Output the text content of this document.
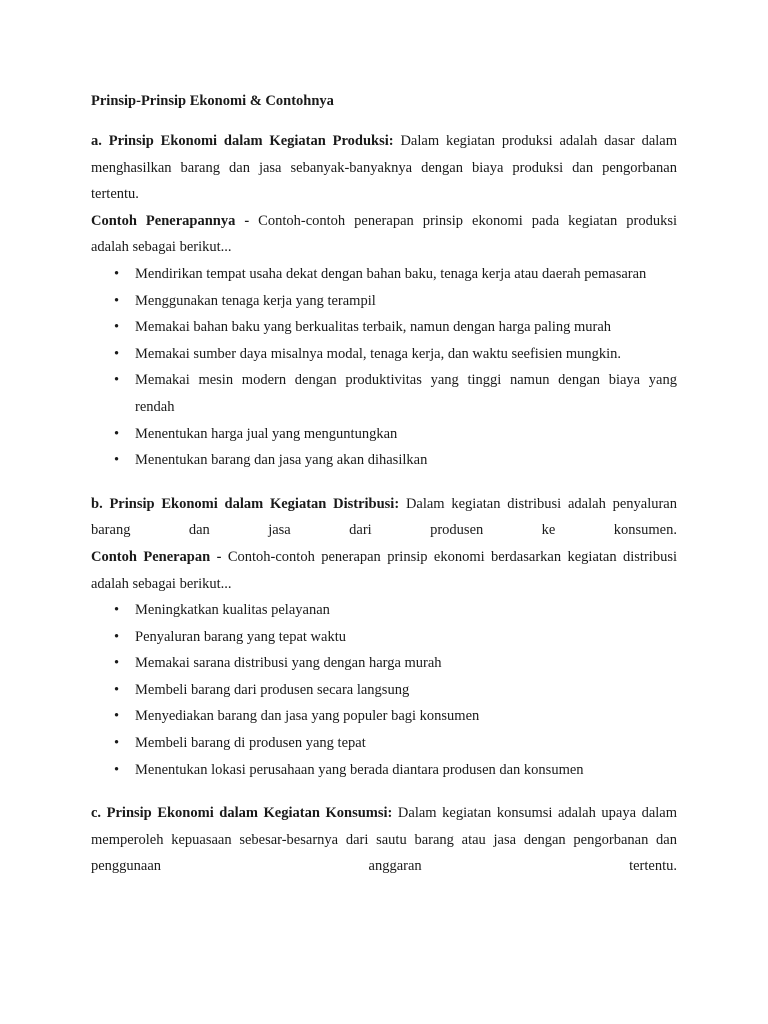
Prinsip-Prinsip Ekonomi & Contohnya

a. Prinsip Ekonomi dalam Kegiatan Produksi: Dalam kegiatan produksi adalah dasar dalam

menghasilkan barang dan jasa sebanyak-banyaknya dengan biaya produksi dan pengorbanan

tertentu.

Contoh Penerapannya - Contoh-contoh penerapan prinsip ekonomi pada kegiatan produksi

adalah sebagai berikut...

• Mendirikan tempat usaha dekat dengan bahan baku, tenaga kerja atau daerah pemasaran
• Menggunakan tenaga kerja yang terampil
• Memakai bahan baku yang berkualitas terbaik, namun dengan harga paling murah
• Memakai sumber daya misalnya modal, tenaga kerja, dan waktu seefisien mungkin.
• Memakai mesin modern dengan produktivitas yang tinggi namun dengan biaya yang
rendah
• Menentukan harga jual yang menguntungkan
• Menentukan barang dan jasa yang akan dihasilkan

b. Prinsip Ekonomi dalam Kegiatan Distribusi: Dalam kegiatan distribusi adalah penyaluran

barang dan jasa dari produsen ke konsumen.

Contoh Penerapan - Contoh-contoh penerapan prinsip ekonomi berdasarkan kegiatan distribusi

adalah sebagai berikut...

• Meningkatkan kualitas pelayanan
• Penyaluran barang yang tepat waktu
• Memakai sarana distribusi yang dengan harga murah
• Membeli barang dari produsen secara langsung
• Menyediakan barang dan jasa yang populer bagi konsumen
• Membeli barang di produsen yang tepat
• Menentukan lokasi perusahaan yang berada diantara produsen dan konsumen

c. Prinsip Ekonomi dalam Kegiatan Konsumsi: Dalam kegiatan konsumsi adalah upaya dalam

memperoleh kepuasaan sebesar-besarnya dari sautu barang atau jasa dengan pengorbanan dan

penggunaan anggaran tertentu.
